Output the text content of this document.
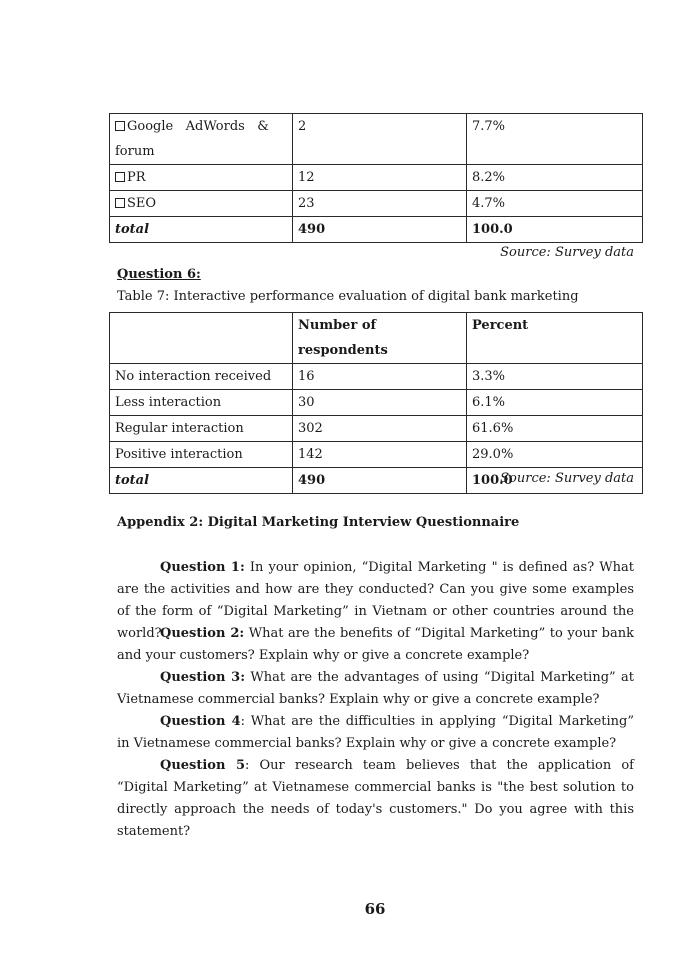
Google   AdWords   &   forum	2	7.7%
PR	12	8.2%
SEO	23	4.7%
total	490	100.0
Source: Survey data
Question 6:
Table 7: Interactive performance evaluation of digital bank marketing
	Number of respondents	Percent
No interaction received	16	3.3%
Less interaction	30	6.1%
Regular interaction	302	61.6%
Positive interaction	142	29.0%
total	490	100.0
Source: Survey data
Appendix 2: Digital Marketing Interview Questionnaire

Question 1: In your opinion, “Digital Marketing " is defined as? What are the activities and how are they conducted? Can you give some examples of the form of “Digital Marketing” in Vietnam or other countries around the world?

Question 2: What are the benefits of “Digital Marketing” to your bank and your customers? Explain why or give a concrete example?

Question 3: What are the advantages of using “Digital Marketing” at Vietnamese commercial banks? Explain why or give a concrete example?

Question 4: What are the difficulties in applying “Digital Marketing” in Vietnamese commercial banks? Explain why or give a concrete example?

Question 5: Our research team believes that the application of “Digital Marketing” at Vietnamese commercial banks is "the best solution to directly approach the needs of today's customers." Do you agree with this statement?

66
